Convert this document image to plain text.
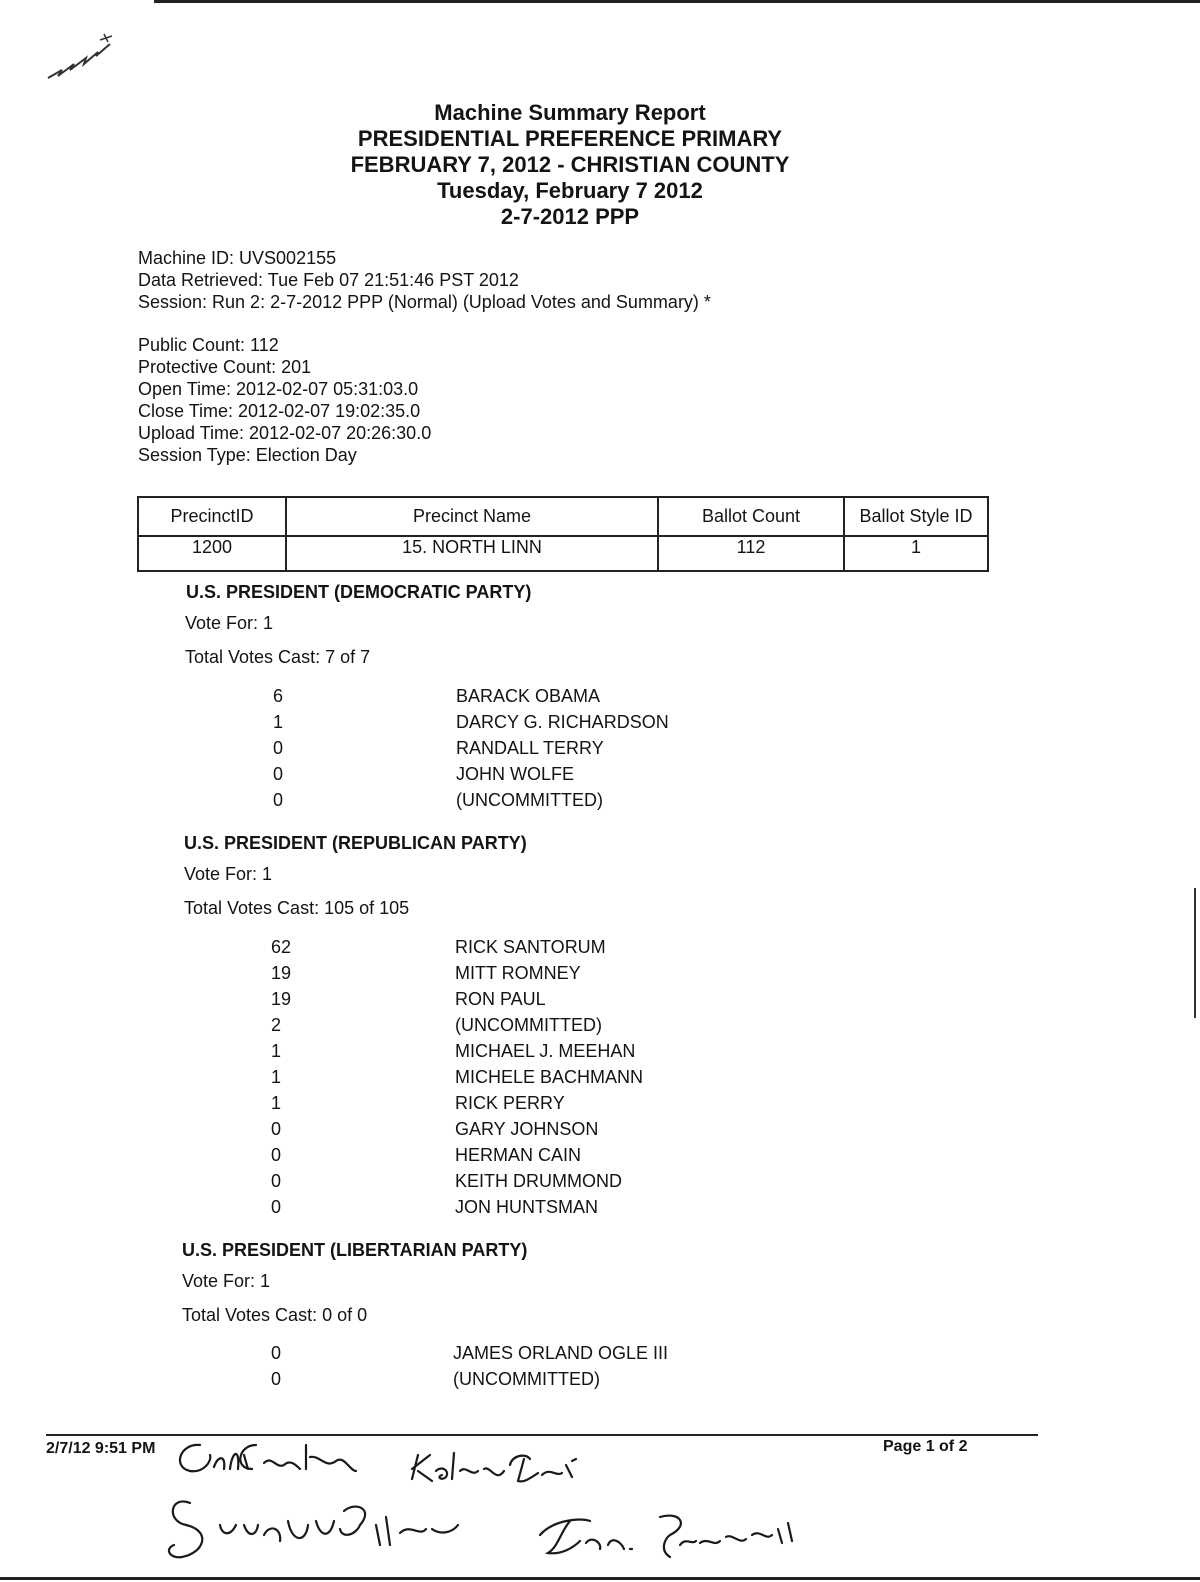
Machine Summary Report
PRESIDENTIAL PREFERENCE PRIMARY
FEBRUARY 7, 2012 - CHRISTIAN COUNTY
Tuesday, February 7 2012
2-7-2012 PPP
Machine ID: UVS002155
Data Retrieved: Tue Feb 07 21:51:46 PST 2012
Session: Run 2: 2-7-2012 PPP (Normal) (Upload Votes and Summary) *
Public Count: 112
Protective Count: 201
Open Time: 2012-02-07 05:31:03.0
Close Time: 2012-02-07 19:02:35.0
Upload Time: 2012-02-07 20:26:30.0
Session Type: Election Day
PrecinctID	Precinct Name	Ballot Count	Ballot Style ID
1200	15. NORTH LINN	112	1
U.S. PRESIDENT (DEMOCRATIC PARTY)
Vote For: 1
Total Votes Cast: 7 of 7
6	BARACK OBAMA
1	DARCY G. RICHARDSON
0	RANDALL TERRY
0	JOHN WOLFE
0	(UNCOMMITTED)
U.S. PRESIDENT (REPUBLICAN PARTY)
Vote For: 1
Total Votes Cast: 105 of 105
62	RICK SANTORUM
19	MITT ROMNEY
19	RON PAUL
2	(UNCOMMITTED)
1	MICHAEL J. MEEHAN
1	MICHELE BACHMANN
1	RICK PERRY
0	GARY JOHNSON
0	HERMAN CAIN
0	KEITH DRUMMOND
0	JON HUNTSMAN
U.S. PRESIDENT (LIBERTARIAN PARTY)
Vote For: 1
Total Votes Cast: 0 of 0
0	JAMES ORLAND OGLE III
0	(UNCOMMITTED)
2/7/12 9:51 PM	Page 1 of 2
